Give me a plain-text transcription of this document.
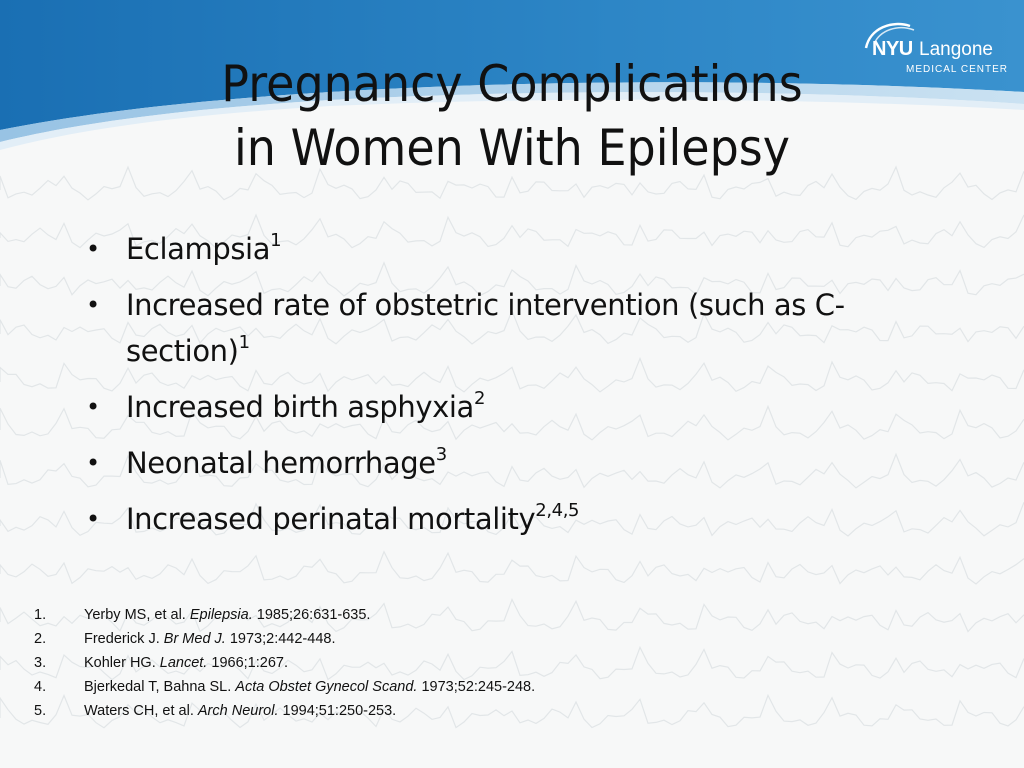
NYU Langone
MEDICAL CENTER
Pregnancy Complications
in Women With Epilepsy
• Eclampsia$^1$
• Increased rate of obstetric intervention (such as C-section)$^1$
• Increased birth asphyxia$^2$
• Neonatal hemorrhage$^3$
• Increased perinatal mortality$^{2,4,5}$
1.	Yerby MS, et al. Epilepsia. 1985;26:631-635.
2.	Frederick J. Br Med J. 1973;2:442-448.
3.	Kohler HG. Lancet. 1966;1:267.
4.	Bjerkedal T, Bahna SL. Acta Obstet Gynecol Scand. 1973;52:245-248.
5.	Waters CH, et al. Arch Neurol. 1994;51:250-253.
